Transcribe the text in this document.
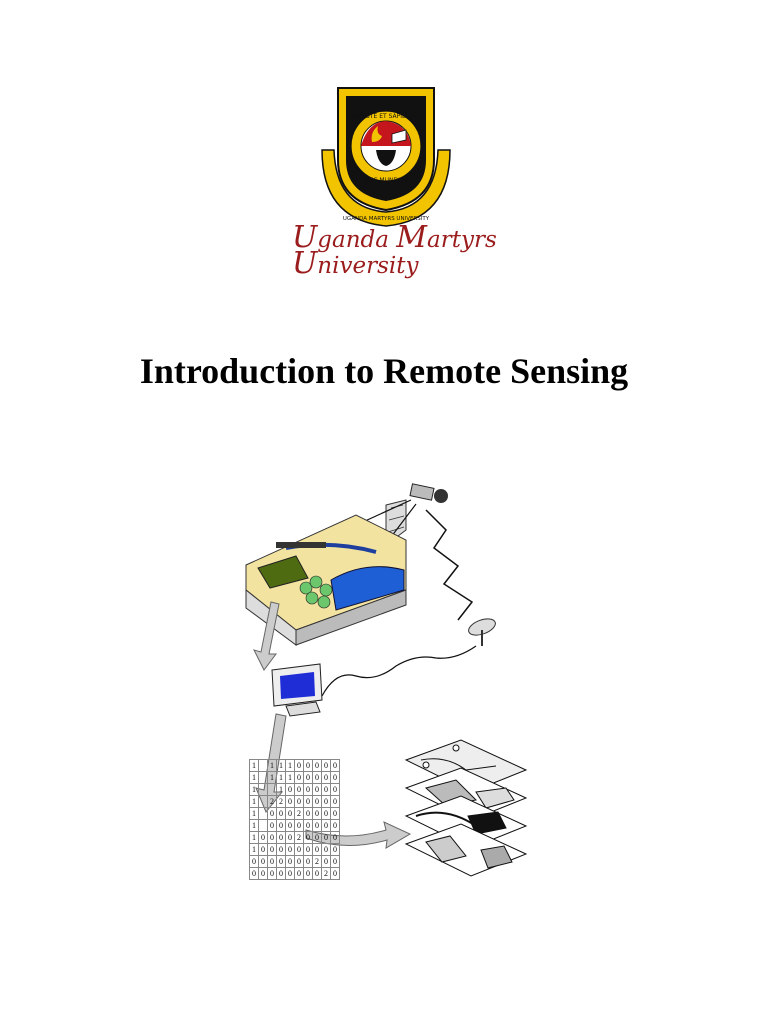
VIRTUTE ET SAPIENTIA
DUC MUNDUM
UGANDA MARTYRS UNIVERSITY
Uganda Martyrs
University
Introduction to Remote Sensing
1		1	1	1	0	0	0	0	0
1		1	1	1	0	0	0	0	0
1			1	0	0	0	0	0	0
1		2	2	0	0	0	0	0	0
1		0	0	0	2	0	0	0	0
1		0	0	0	0	0	0	0	0
1	0	0	0	0	2	0	0	0	0
1	0	0	0	0	0	0	0	0	0
0	0	0	0	0	0	0	2	0	0
0	0	0	0	0	0	0	0	2	0
